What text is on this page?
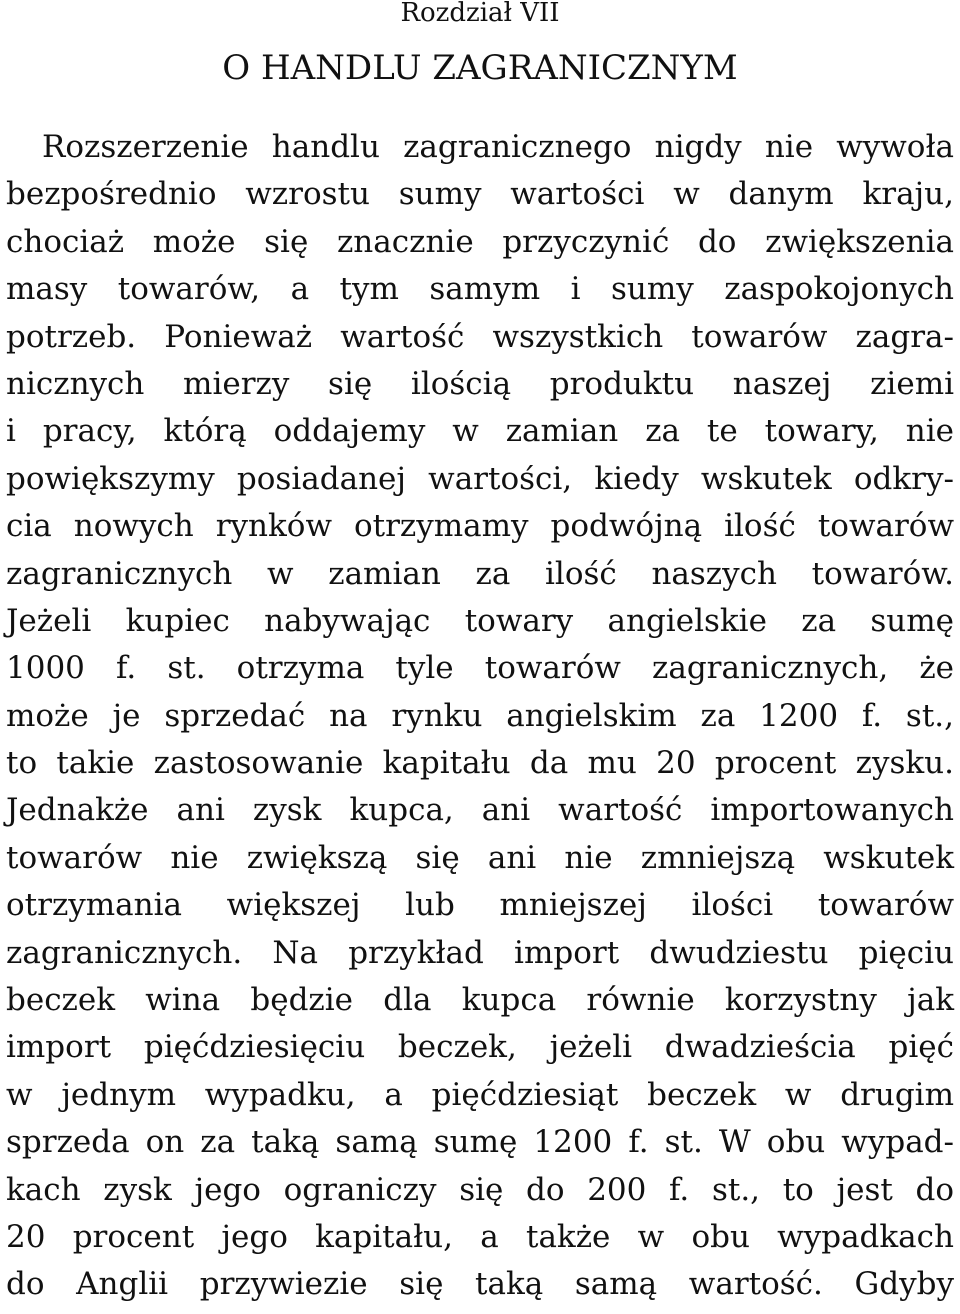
Rozdział VII
O HANDLU ZAGRANICZNYM
Rozszerzenie handlu zagranicznego nigdy nie wywoła
bezpośrednio wzrostu sumy wartości w danym kraju,
chociaż może się znacznie przyczynić do zwiększenia
masy towarów, a tym samym i sumy zaspokojonych
potrzeb. Ponieważ wartość wszystkich towarów zagra-
nicznych mierzy się ilością produktu naszej ziemi
i pracy, którą oddajemy w zamian za te towary, nie
powiększymy posiadanej wartości, kiedy wskutek odkry-
cia nowych rynków otrzymamy podwójną ilość towarów
zagranicznych w zamian za ilość naszych towarów.
Jeżeli kupiec nabywając towary angielskie za sumę
1000 f. st. otrzyma tyle towarów zagranicznych, że
może je sprzedać na rynku angielskim za 1200 f. st.,
to takie zastosowanie kapitału da mu 20 procent zysku.
Jednakże ani zysk kupca, ani wartość importowanych
towarów nie zwiększą się ani nie zmniejszą wskutek
otrzymania większej lub mniejszej ilości towarów
zagranicznych. Na przykład import dwudziestu pięciu
beczek wina będzie dla kupca równie korzystny jak
import pięćdziesięciu beczek, jeżeli dwadzieścia pięć
w jednym wypadku, a pięćdziesiąt beczek w drugim
sprzeda on za taką samą sumę 1200 f. st. W obu wypad-
kach zysk jego ograniczy się do 200 f. st., to jest do
20 procent jego kapitału, a także w obu wypadkach
do Anglii przywiezie się taką samą wartość. Gdyby
